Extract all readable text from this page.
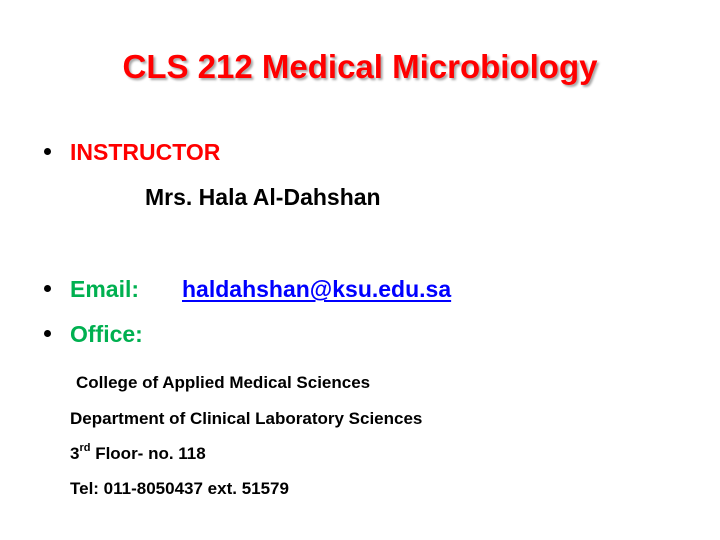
CLS 212 Medical Microbiology
INSTRUCTOR
Mrs. Hala Al-Dahshan
Email: haldahshan@ksu.edu.sa
Office:
College of Applied Medical Sciences
Department of Clinical Laboratory Sciences
3rd Floor- no. 118
Tel: 011-8050437 ext. 51579
